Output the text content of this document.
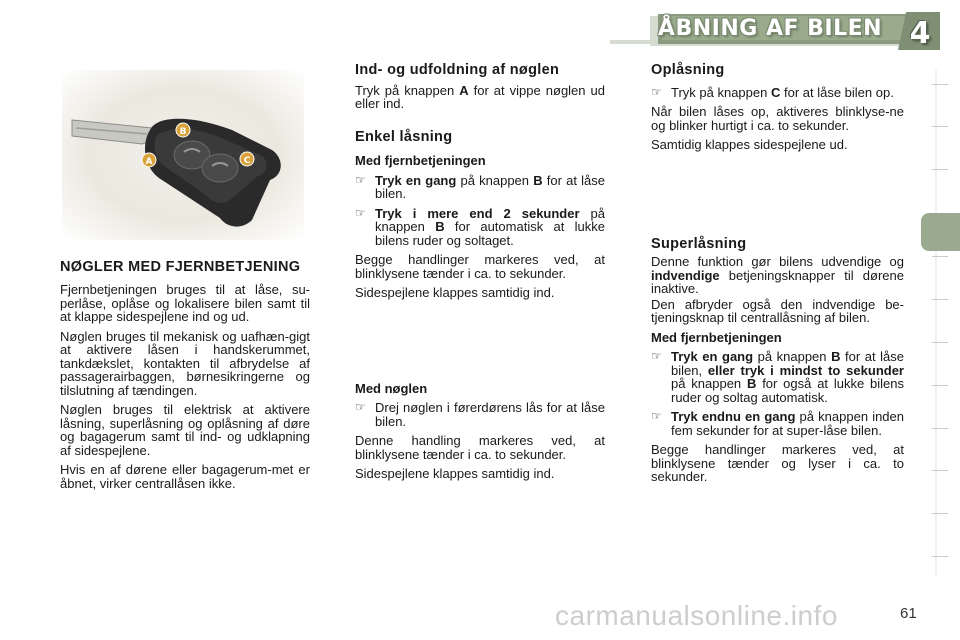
ÅBNING AF BILEN 4
B
A	C
NØGLER MED FJERNBETJENING

Fjernbetjeningen bruges til at låse, su-perlåse, oplåse og lokalisere bilen samt til at klappe sidespejlene ind og ud.

Nøglen bruges til mekanisk og uafhæn-gigt at aktivere låsen i handskerummet, tankdækslet, kontakten til afbrydelse af passagerairbaggen, børnesikringerne og tilslutning af tændingen.

Nøglen bruges til elektrisk at aktivere låsning, superlåsning og oplåsning af døre og bagagerum samt til ind- og udklapning af sidespejlene.

Hvis en af dørene eller bagagerum-met er åbnet, virker centrallåsen ikke.

Ind- og udfoldning af nøglen

Tryk på knappen A for at vippe nøglen ud eller ind.

Enkel låsning
Med fjernbetjeningen

☞ Tryk en gang på knappen B for at låse bilen.

☞ Tryk i mere end 2 sekunder på knappen B for automatisk at lukke bilens ruder og soltaget.

Begge handlinger markeres ved, at blinklysene tænder i ca. to sekunder.

Sidespejlene klappes samtidig ind.

Med nøglen

☞ Drej nøglen i førerdørens lås for at låse bilen.

Denne handling markeres ved, at blinklysene tænder i ca. to sekunder.

Sidespejlene klappes samtidig ind.

Oplåsning

☞ Tryk på knappen C for at låse bilen op.

Når bilen låses op, aktiveres blinklyse-ne og blinker hurtigt i ca. to sekunder.

Samtidig klappes sidespejlene ud.

Superlåsning

Denne funktion gør bilens udvendige og indvendige betjeningsknapper til dørene inaktive.

Den afbryder også den indvendige be-tjeningsknap til centrallåsning af bilen.

Med fjernbetjeningen

☞ Tryk en gang på knappen B for at låse bilen, eller tryk i mindst to sekunder på knappen B for også at lukke bilens ruder og soltag automatisk.

☞ Tryk endnu en gang på knappen inden fem sekunder for at super-låse bilen.

Begge handlinger markeres ved, at blinklysene tænder og lyser i ca. to sekunder.

carmanualsonline.info	61
